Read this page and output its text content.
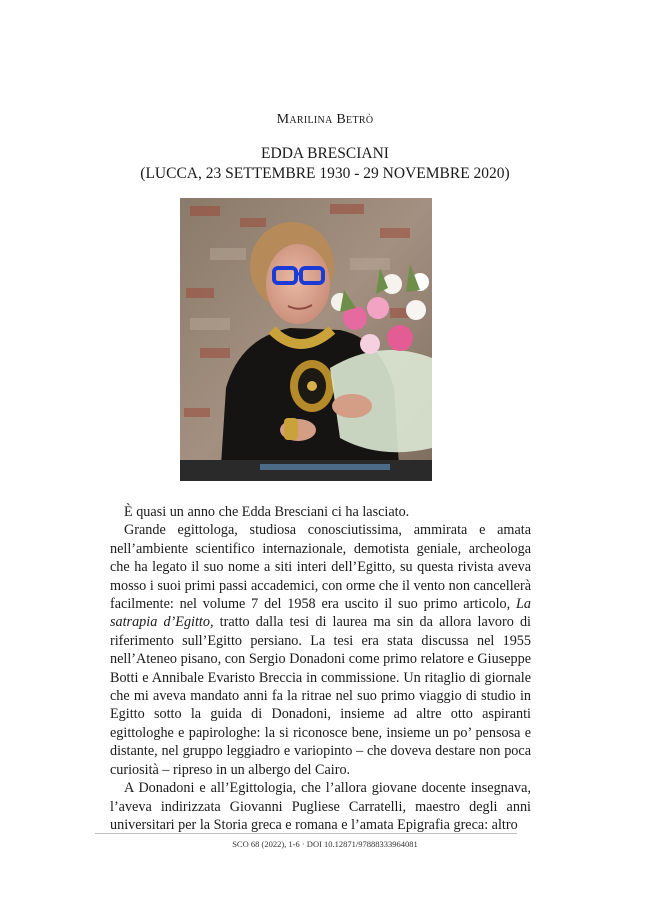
Marilina Betrò
EDDA BRESCIANI
(LUCCA, 23 SETTEMBRE 1930 - 29 NOVEMBRE 2020)

È quasi un anno che Edda Bresciani ci ha lasciato.

Grande egittologa, studiosa conosciutissima, ammirata e amata nell’ambiente scientifico internazionale, demotista geniale, archeologa che ha legato il suo nome a siti interi dell’Egitto, su questa rivista aveva mosso i suoi primi passi accademici, con orme che il vento non cancellerà facilmente: nel volume 7 del 1958 era uscito il suo primo articolo, La satrapia d’Egitto, tratto dalla tesi di laurea ma sin da allora lavoro di riferimento sull’Egitto persiano. La tesi era stata discussa nel 1955 nell’Ateneo pisano, con Sergio Donadoni come primo relatore e Giuseppe Botti e Annibale Evaristo Breccia in commissione. Un ritaglio di giornale che mi aveva mandato anni fa la ritrae nel suo primo viaggio di studio in Egitto sotto la guida di Donadoni, insieme ad altre otto aspiranti egittologhe e papirologhe: la si riconosce bene, insieme un po’ pensosa e distante, nel gruppo leggiadro e variopinto – che doveva destare non poca curiosità – ripreso in un albergo del Cairo.

A Donadoni e all’Egittologia, che l’allora giovane docente insegnava, l’aveva indirizzata Giovanni Pugliese Carratelli, maestro degli anni universitari per la Storia greca e romana e l’amata Epigrafia greca: altro

SCO 68 (2022), 1-6 · DOI 10.12871/97888333964081
